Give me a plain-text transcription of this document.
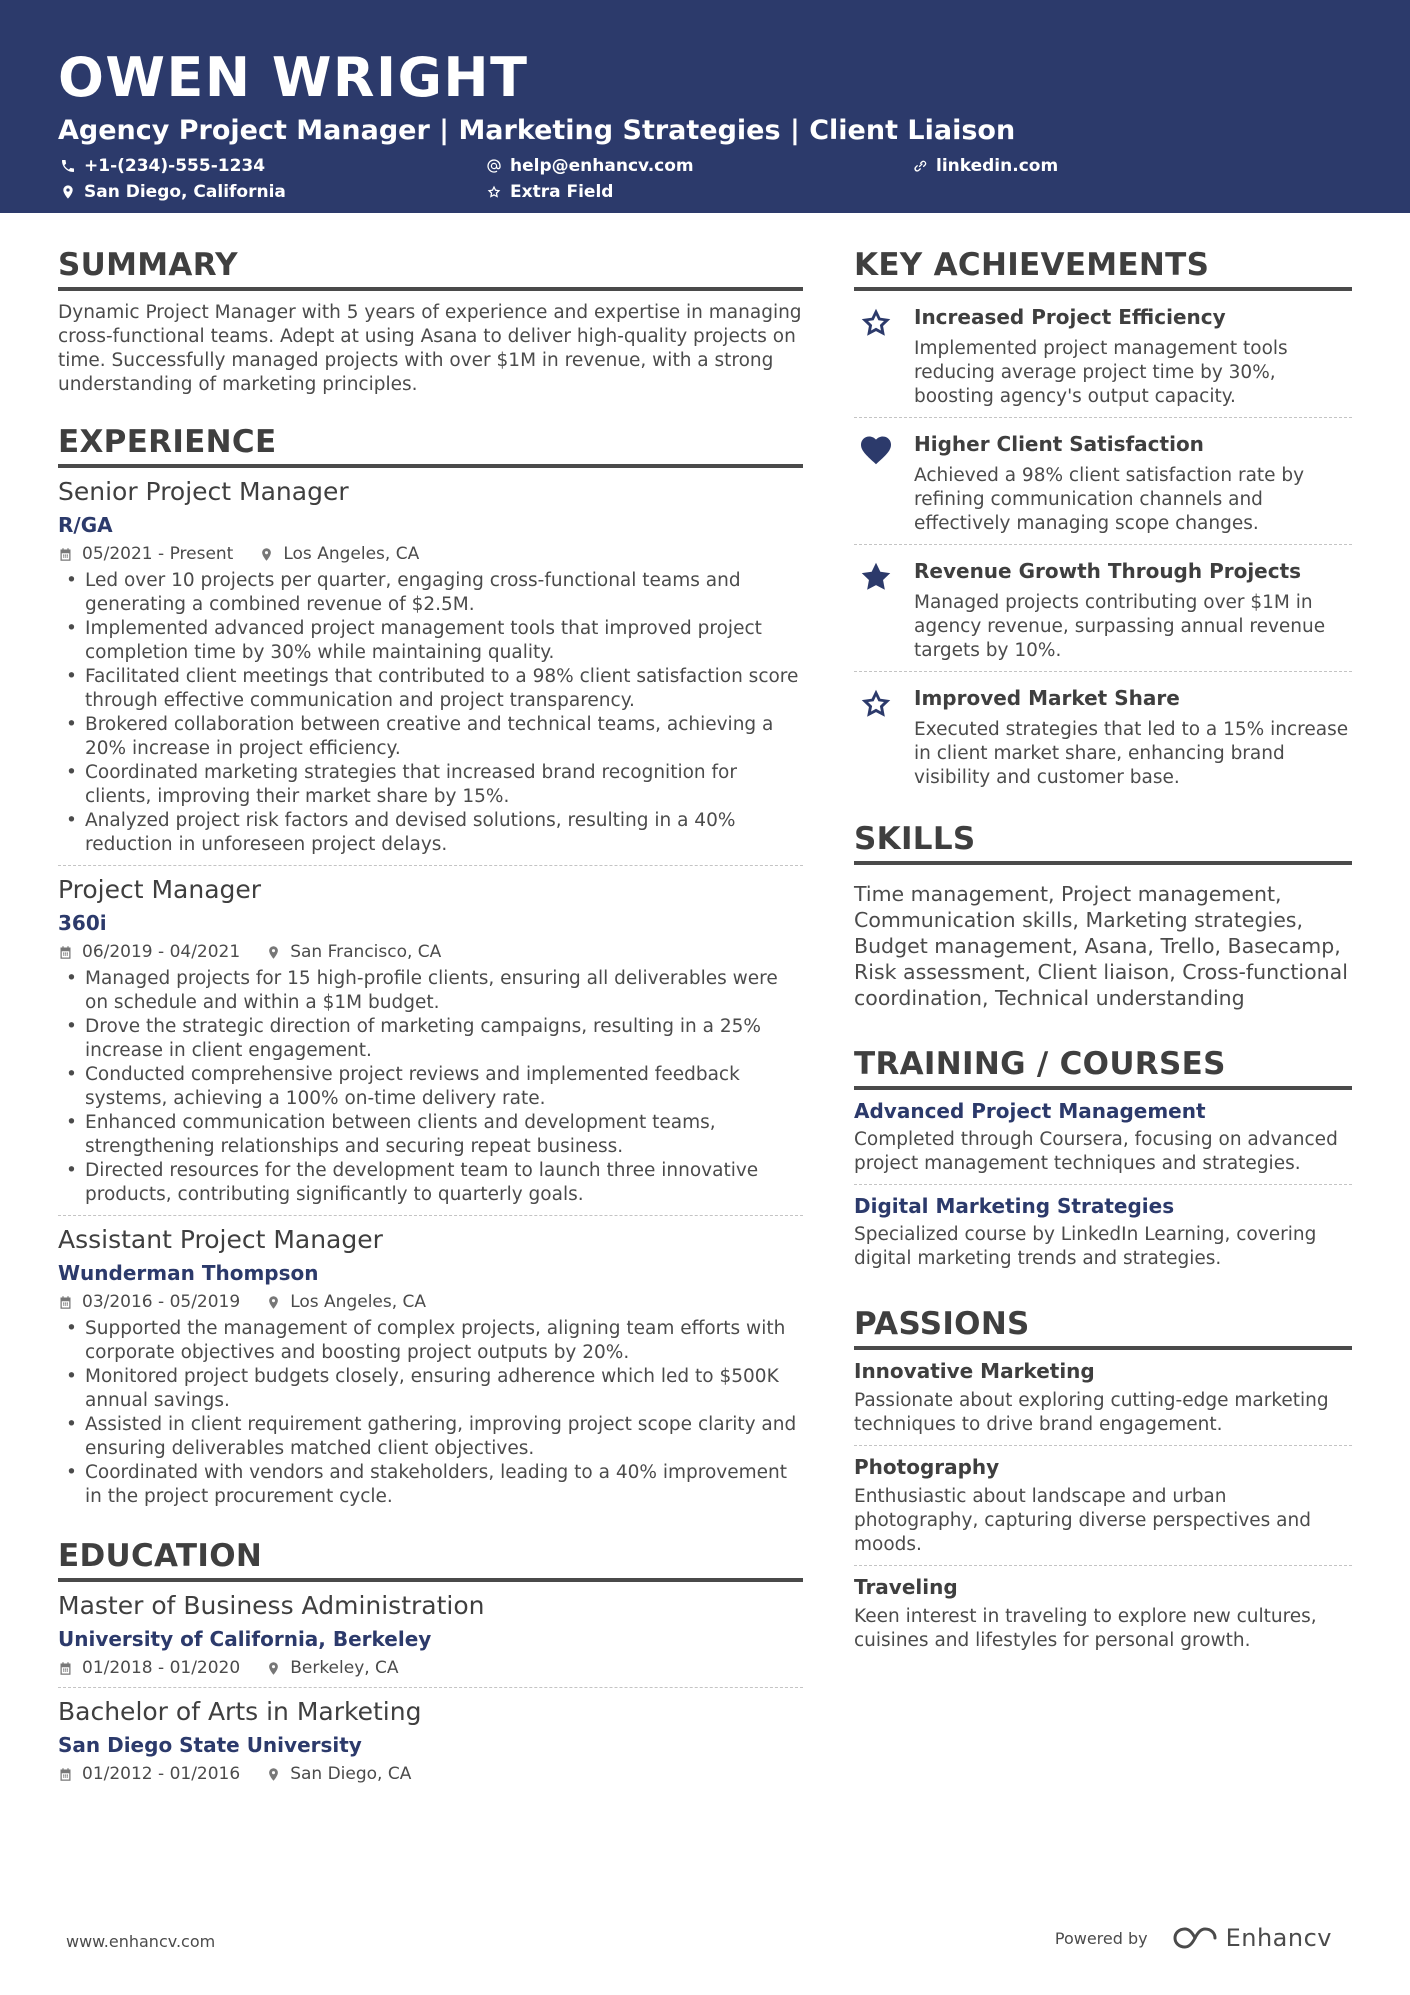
OWEN WRIGHT
Agency Project Manager | Marketing Strategies | Client Liaison
+1-(234)-555-1234	help@enhancv.com	linkedin.com
San Diego, California	Extra Field
SUMMARY

Dynamic Project Manager with 5 years of experience and expertise in managing cross-functional teams. Adept at using Asana to deliver high-quality projects on time. Successfully managed projects with over $1M in revenue, with a strong understanding of marketing principles.

EXPERIENCE
Senior Project Manager
R/GA
05/2021 - Present	Los Angeles, CA
• Led over 10 projects per quarter, engaging cross-functional teams and generating a combined revenue of $2.5M.
• Implemented advanced project management tools that improved project completion time by 30% while maintaining quality.
• Facilitated client meetings that contributed to a 98% client satisfaction score through effective communication and project transparency.
• Brokered collaboration between creative and technical teams, achieving a 20% increase in project efficiency.
• Coordinated marketing strategies that increased brand recognition for clients, improving their market share by 15%.
• Analyzed project risk factors and devised solutions, resulting in a 40% reduction in unforeseen project delays.
Project Manager
360i
06/2019 - 04/2021	San Francisco, CA
• Managed projects for 15 high-profile clients, ensuring all deliverables were on schedule and within a $1M budget.
• Drove the strategic direction of marketing campaigns, resulting in a 25% increase in client engagement.
• Conducted comprehensive project reviews and implemented feedback systems, achieving a 100% on-time delivery rate.
• Enhanced communication between clients and development teams, strengthening relationships and securing repeat business.
• Directed resources for the development team to launch three innovative products, contributing significantly to quarterly goals.
Assistant Project Manager
Wunderman Thompson
03/2016 - 05/2019	Los Angeles, CA
• Supported the management of complex projects, aligning team efforts with corporate objectives and boosting project outputs by 20%.
• Monitored project budgets closely, ensuring adherence which led to $500K annual savings.
• Assisted in client requirement gathering, improving project scope clarity and ensuring deliverables matched client objectives.
• Coordinated with vendors and stakeholders, leading to a 40% improvement in the project procurement cycle.
EDUCATION
Master of Business Administration
University of California, Berkeley
01/2018 - 01/2020	Berkeley, CA
Bachelor of Arts in Marketing
San Diego State University
01/2012 - 01/2016	San Diego, CA
KEY ACHIEVEMENTS
Increased Project Efficiency
Implemented project management tools reducing average project time by 30%, boosting agency's output capacity.
Higher Client Satisfaction
Achieved a 98% client satisfaction rate by refining communication channels and effectively managing scope changes.
Revenue Growth Through Projects
Managed projects contributing over $1M in agency revenue, surpassing annual revenue targets by 10%.
Improved Market Share
Executed strategies that led to a 15% increase in client market share, enhancing brand visibility and customer base.
SKILLS

Time management, Project management, Communication skills, Marketing strategies, Budget management, Asana, Trello, Basecamp, Risk assessment, Client liaison, Cross-functional coordination, Technical understanding

TRAINING / COURSES
Advanced Project Management
Completed through Coursera, focusing on advanced project management techniques and strategies.
Digital Marketing Strategies
Specialized course by LinkedIn Learning, covering digital marketing trends and strategies.
PASSIONS
Innovative Marketing
Passionate about exploring cutting-edge marketing techniques to drive brand engagement.
Photography
Enthusiastic about landscape and urban photography, capturing diverse perspectives and moods.
Traveling
Keen interest in traveling to explore new cultures, cuisines and lifestyles for personal growth.
www.enhancv.com	Powered by	Enhancv
